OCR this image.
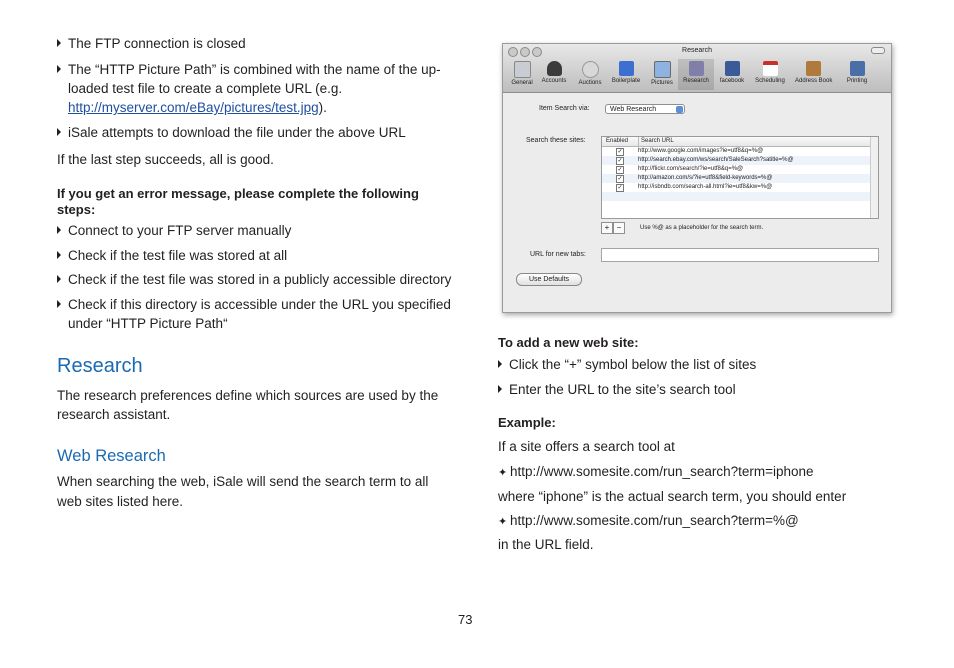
The FTP connection is closed
The “HTTP Picture Path” is combined with the name of the up-
loaded test file to create a complete URL (e.g.
http://myserver.com/eBay/pictures/test.jpg).
iSale attempts to download the file under the above URL
If the last step succeeds, all is good.
If you get an error message, please complete the following
steps:
Connect to your FTP server manually
Check if the test file was stored at all
Check if the test file was stored in a publicly accessible directory
Check if this directory is accessible under the URL you specified
under “HTTP Picture Path“
Research
The research preferences define which sources are used by the
research assistant.
Web Research
When searching the web, iSale will send the search term to all
web sites listed here.
Research
General	Accounts	Auctions	Boilerplate	Pictures	Research	facebook	Scheduling	Address Book	Printing
Item Search via:	Web Research
Search these sites:	Enabled	Search URL
✓	http://www.google.com/images?ie=utf8&q=%@
✓	http://search.ebay.com/ws/search/SaleSearch?satitle=%@
✓	http://flickr.com/search/?ie=utf8&q=%@
✓	http://amazon.com/s/?ie=utf8&field-keywords=%@
✓	http://isbndb.com/search-all.html?ie=utf8&kw=%@
+ −	Use %@ as a placeholder for the search term.
URL for new tabs:
Use Defaults
To add a new web site:
Click the “+” symbol below the list of sites
Enter the URL to the site’s search tool
Example:
If a site offers a search tool at
✦ http://www.somesite.com/run_search?term=iphone
where “iphone” is the actual search term, you should enter
✦ http://www.somesite.com/run_search?term=%@
in the URL field.
73
